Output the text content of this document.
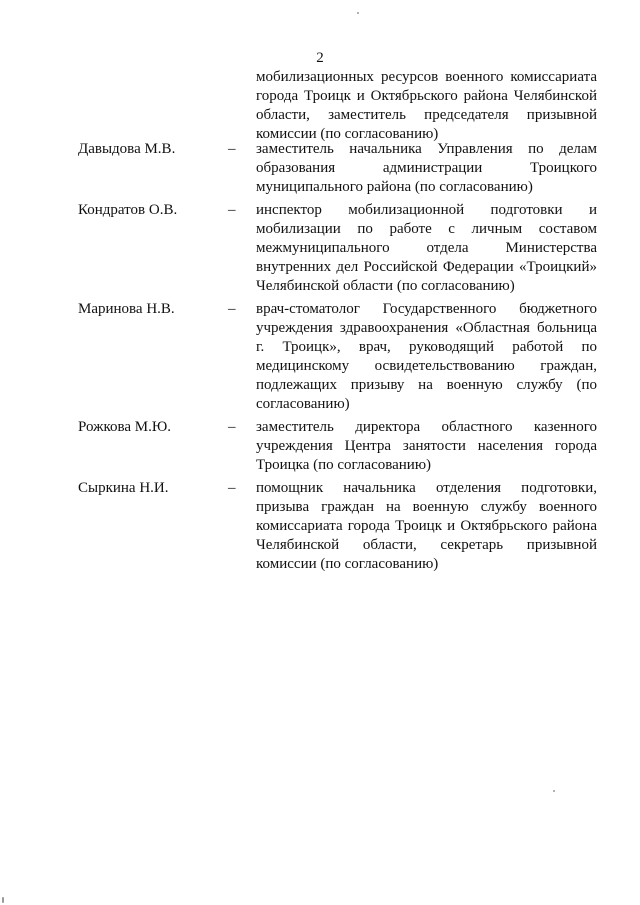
2
мобилизационных ресурсов военного комиссариата города Троицк и Октябрьского района Челябинской области, заместитель председателя призывной комиссии (по согласованию)
Давыдова М.В.	–	заместитель начальника Управления по делам образования администрации Троицкого муниципального района (по согласованию)
Кондратов О.В.	–	инспектор мобилизационной подготовки и мобилизации по работе с личным составом межмуниципального отдела Министерства внутренних дел Российской Федерации «Троицкий» Челябинской области (по согласованию)
Маринова Н.В.	–	врач-стоматолог Государственного бюджетного учреждения здравоохранения «Областная больница г. Троицк», врач, руководящий работой по медицинскому освидетельствованию граждан, подлежащих призыву на военную службу (по согласованию)
Рожкова М.Ю.	–	заместитель директора областного казенного учреждения Центра занятости населения города Троицка (по согласованию)
Сыркина Н.И.	–	помощник начальника отделения подготовки, призыва граждан на военную службу военного комиссариата города Троицк и Октябрьского района Челябинской области, секретарь призывной комиссии (по согласованию)
